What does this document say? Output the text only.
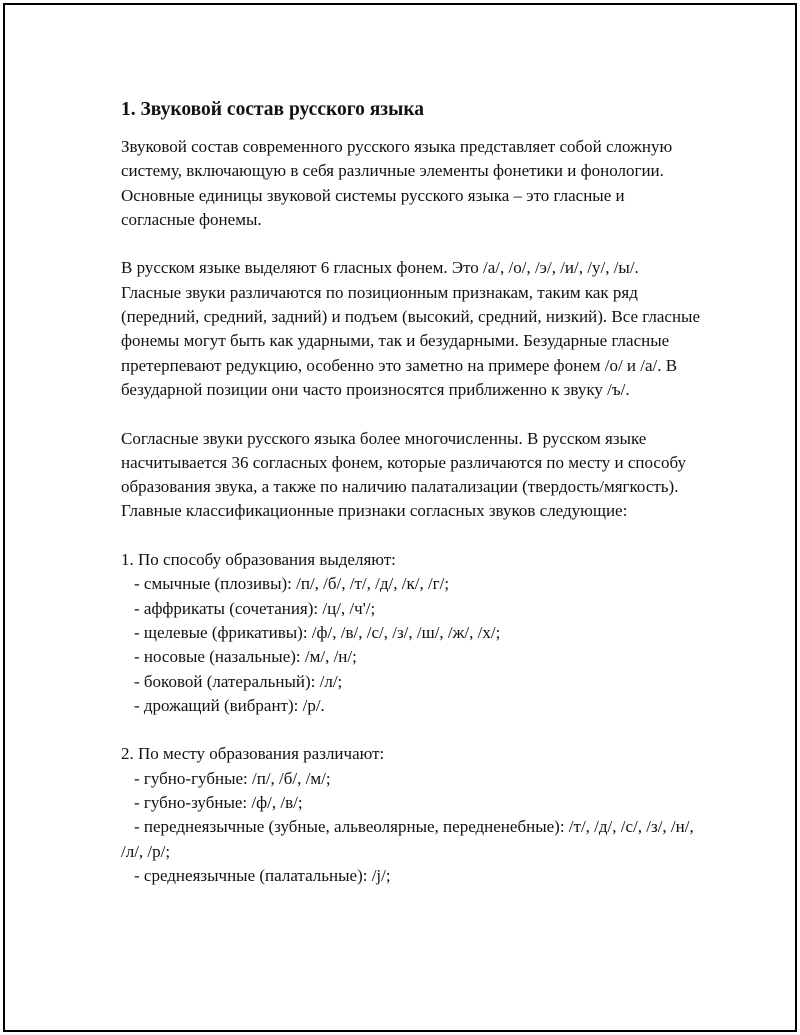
1. Звуковой состав русского языка

Звуковой состав современного русского языка представляет собой сложную систему, включающую в себя различные элементы фонетики и фонологии. Основные единицы звуковой системы русского языка – это гласные и согласные фонемы.

В русском языке выделяют 6 гласных фонем. Это /а/, /о/, /э/, /и/, /у/, /ы/. Гласные звуки различаются по позиционным признакам, таким как ряд (передний, средний, задний) и подъем (высокий, средний, низкий). Все гласные фонемы могут быть как ударными, так и безударными. Безударные гласные претерпевают редукцию, особенно это заметно на примере фонем /о/ и /а/. В безударной позиции они часто произносятся приближенно к звуку /ъ/.

Согласные звуки русского языка более многочисленны. В русском языке насчитывается 36 согласных фонем, которые различаются по месту и способу образования звука, а также по наличию палатализации (твердость/мягкость). Главные классификационные признаки согласных звуков следующие:

1. По способу образования выделяют:
- смычные (плозивы): /п/, /б/, /т/, /д/, /к/, /г/;
- аффрикаты (сочетания): /ц/, /ч'/;
- щелевые (фрикативы): /ф/, /в/, /с/, /з/, /ш/, /ж/, /х/;
- носовые (назальные): /м/, /н/;
- боковой (латеральный): /л/;
- дрожащий (вибрант): /р/.
2. По месту образования различают:
- губно-губные: /п/, /б/, /м/;
- губно-зубные: /ф/, /в/;
- переднеязычные (зубные, альвеолярные, передненебные): /т/, /д/, /с/, /з/, /н/, /л/, /р/;
- среднеязычные (палатальные): /j/;
